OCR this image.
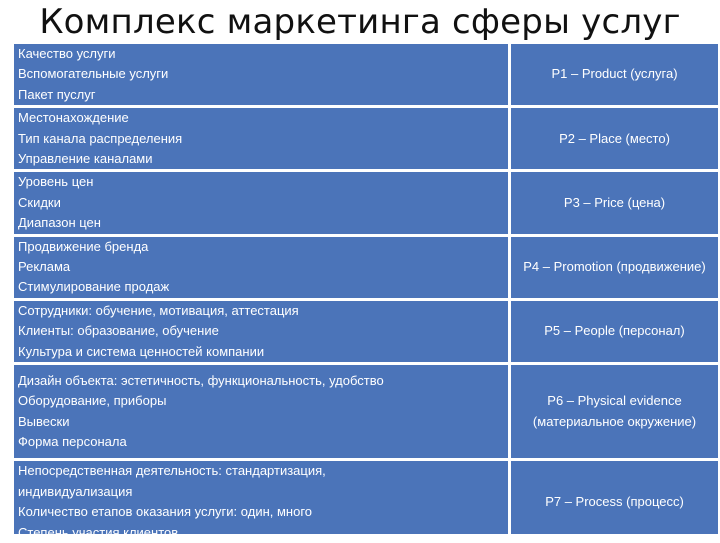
Комплекс маркетинга сферы услуг
Качество услуги
Вспомогательные услуги
Пакет пуслуг	Р1 – Product (услуга)

Местонахождение
Тип канала распределения
Управление каналами	Р2 – Place (место)

Уровень цен
Скидки
Диапазон цен	Р3 – Price (цена)

Продвижение бренда
Реклама
Стимулирование продаж	Р4 – Promotion (продвижение)

Сотрудники: обучение, мотивация, аттестация
Клиенты: образование, обучение
Культура и система ценностей компании	Р5 – People (персонал)

Дизайн объекта: эстетичность, функциональность, удобство
Оборудование, приборы
Вывески
Форма персонала	Р6 – Physical evidence (материальное окружение)

Непосредственная деятельность: стандартизация, индивидуализация
Количество етапов оказания услуги: один, много
Степень участия клиентов	Р7 – Process (процесс)
